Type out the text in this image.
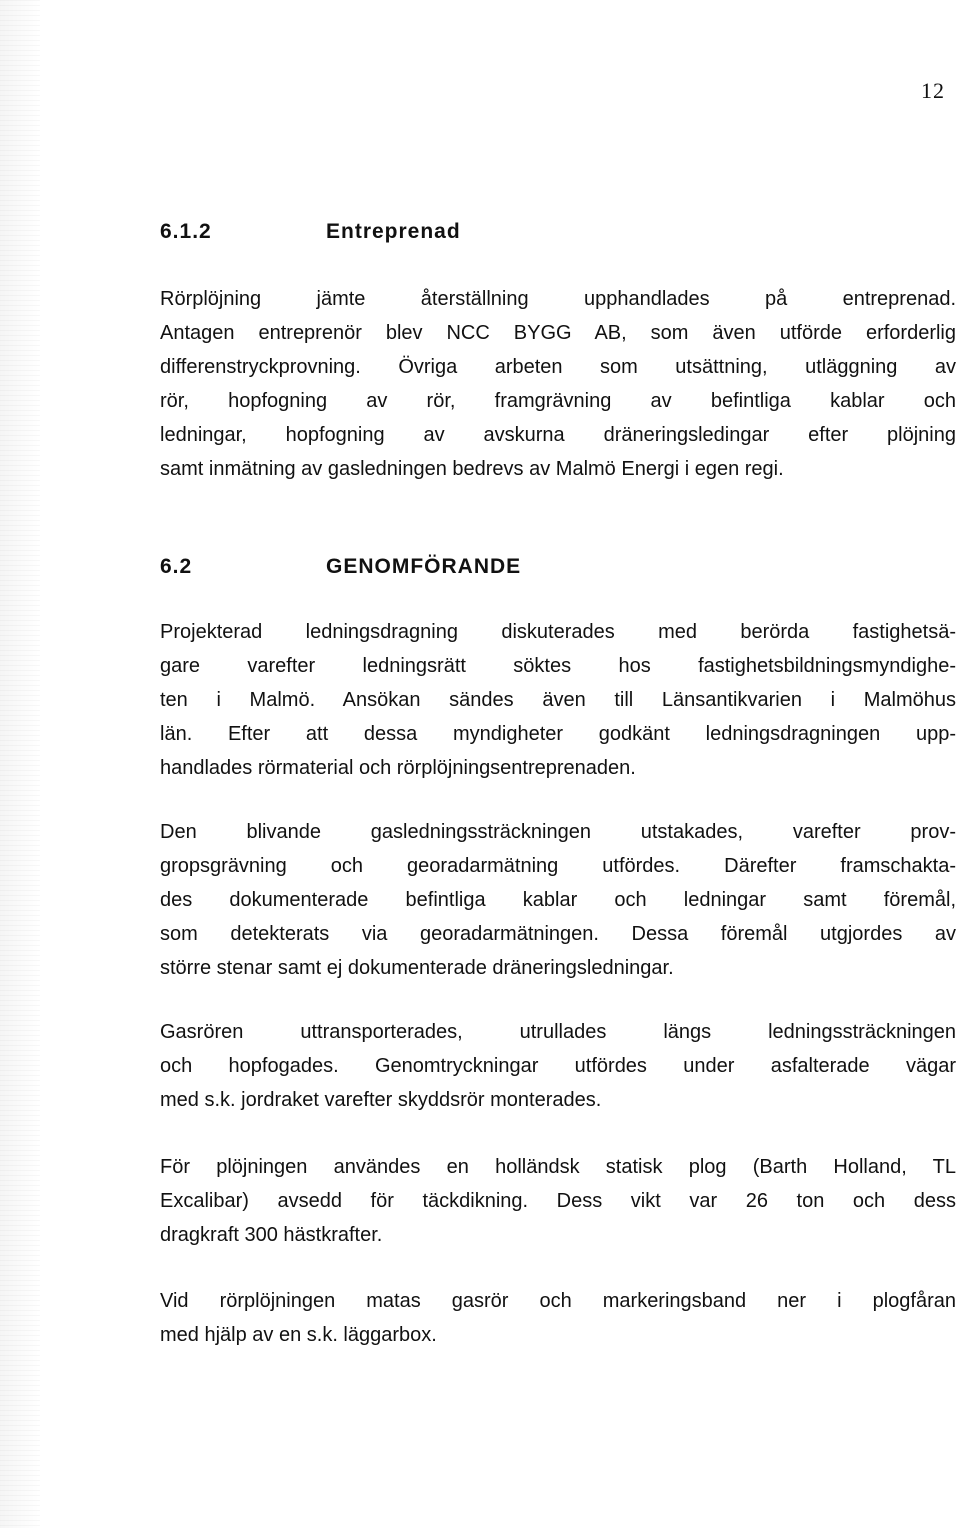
12
6.1.2	Entreprenad
Rörplöjning jämte återställning upphandlades på entreprenad.
Antagen entreprenör blev NCC BYGG AB, som även utförde erforderlig
differenstryckprovning. Övriga arbeten som utsättning, utläggning av
rör, hopfogning av rör, framgrävning av befintliga kablar och
ledningar, hopfogning av avskurna dräneringsledingar efter plöjning
samt inmätning av gasledningen bedrevs av Malmö Energi i egen regi.
6.2	GENOMFÖRANDE
Projekterad ledningsdragning diskuterades med berörda fastighetsä-
gare varefter ledningsrätt söktes hos fastighetsbildningsmyndighe-
ten i Malmö. Ansökan sändes även till Länsantikvarien i Malmöhus
län. Efter att dessa myndigheter godkänt ledningsdragningen upp-
handlades rörmaterial och rörplöjningsentreprenaden.
Den blivande gasledningssträckningen utstakades, varefter prov-
gropsgrävning och georadarmätning utfördes. Därefter framschakta-
des dokumenterade befintliga kablar och ledningar samt föremål,
som detekterats via georadarmätningen. Dessa föremål utgjordes av
större stenar samt ej dokumenterade dräneringsledningar.
Gasrören uttransporterades, utrullades längs ledningssträckningen
och hopfogades. Genomtryckningar utfördes under asfalterade vägar
med s.k. jordraket varefter skyddsrör monterades.
För plöjningen användes en holländsk statisk plog (Barth Holland, TL
Excalibar) avsedd för täckdikning. Dess vikt var 26 ton och dess
dragkraft 300 hästkrafter.
Vid rörplöjningen matas gasrör och markeringsband ner i plogfåran
med hjälp av en s.k. läggarbox.
